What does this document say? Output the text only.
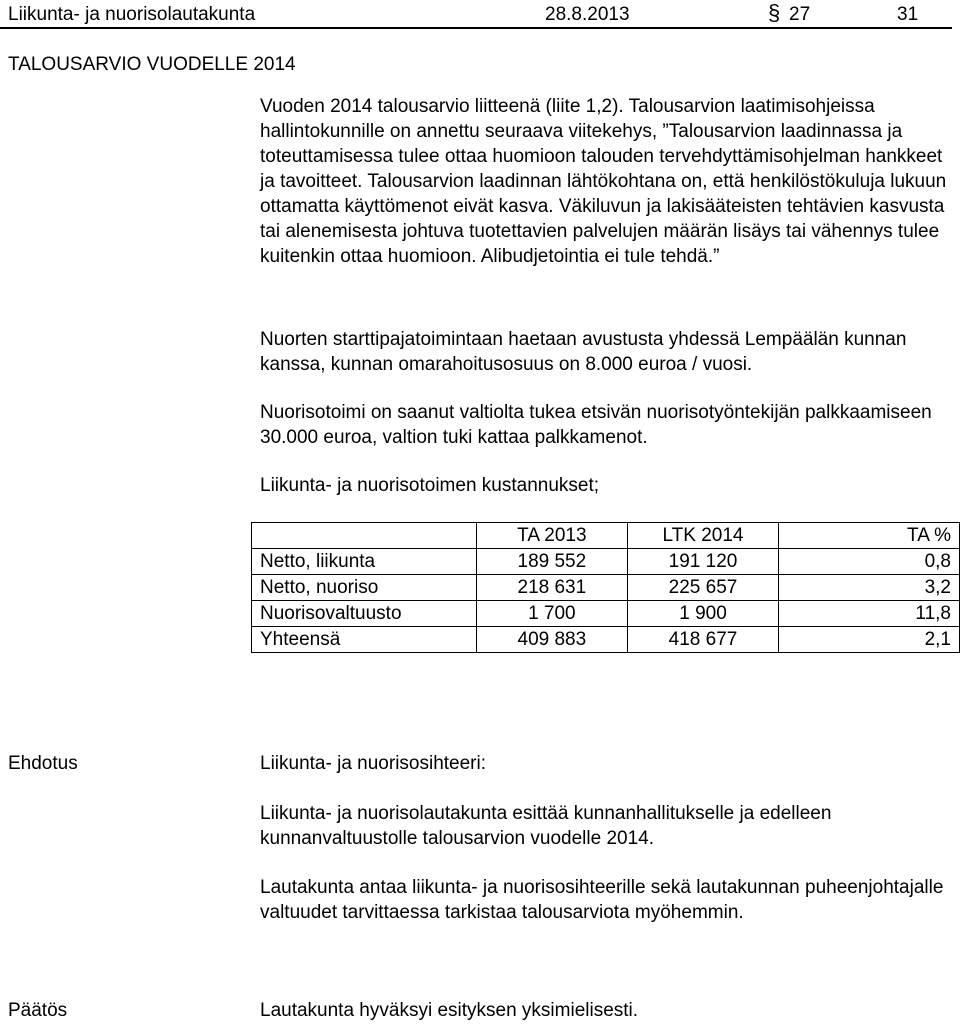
Liikunta- ja nuorisolautakunta	28.8.2013	§ 27	31
TALOUSARVIO VUODELLE 2014

Vuoden 2014 talousarvio liitteenä (liite 1,2). Talousarvion laatimisohjeissa hallintokunnille on annettu seuraava viitekehys, ”Talousarvion laadinnassa ja toteuttamisessa tulee ottaa huomioon talouden tervehdyttämisohjelman hankkeet ja tavoitteet. Talousarvion laadinnan lähtökohtana on, että henkilöstökuluja lukuun ottamatta käyttömenot eivät kasva. Väkiluvun ja lakisääteisten tehtävien kasvusta tai alenemisesta johtuva tuotettavien palvelujen määrän lisäys tai vähennys tulee kuitenkin ottaa huomioon. Alibudjetointia ei tule tehdä.”

Nuorten starttipajatoimintaan haetaan avustusta yhdessä Lempäälän kunnan kanssa, kunnan omarahoitusosuus on 8.000 euroa / vuosi.

Nuorisotoimi on saanut valtiolta tukea etsivän nuorisotyöntekijän palkkaamiseen 30.000 euroa, valtion tuki kattaa palkkamenot.

Liikunta- ja nuorisotoimen kustannukset;

	TA 2013	LTK 2014	TA %
Netto, liikunta	189 552	191 120	0,8
Netto, nuoriso	218 631	225 657	3,2
Nuorisovaltuusto	1 700	1 900	11,8
Yhteensä	409 883	418 677	2,1
Ehdotus	Liikunta- ja nuorisosihteeri:

Liikunta- ja nuorisolautakunta esittää kunnanhallitukselle ja edelleen kunnanvaltuustolle talousarvion vuodelle 2014.

Lautakunta antaa liikunta- ja nuorisosihteerille sekä lautakunnan puheenjohtajalle valtuudet tarvittaessa tarkistaa talousarviota myöhemmin.

Päätös	Lautakunta hyväksyi esityksen yksimielisesti.
